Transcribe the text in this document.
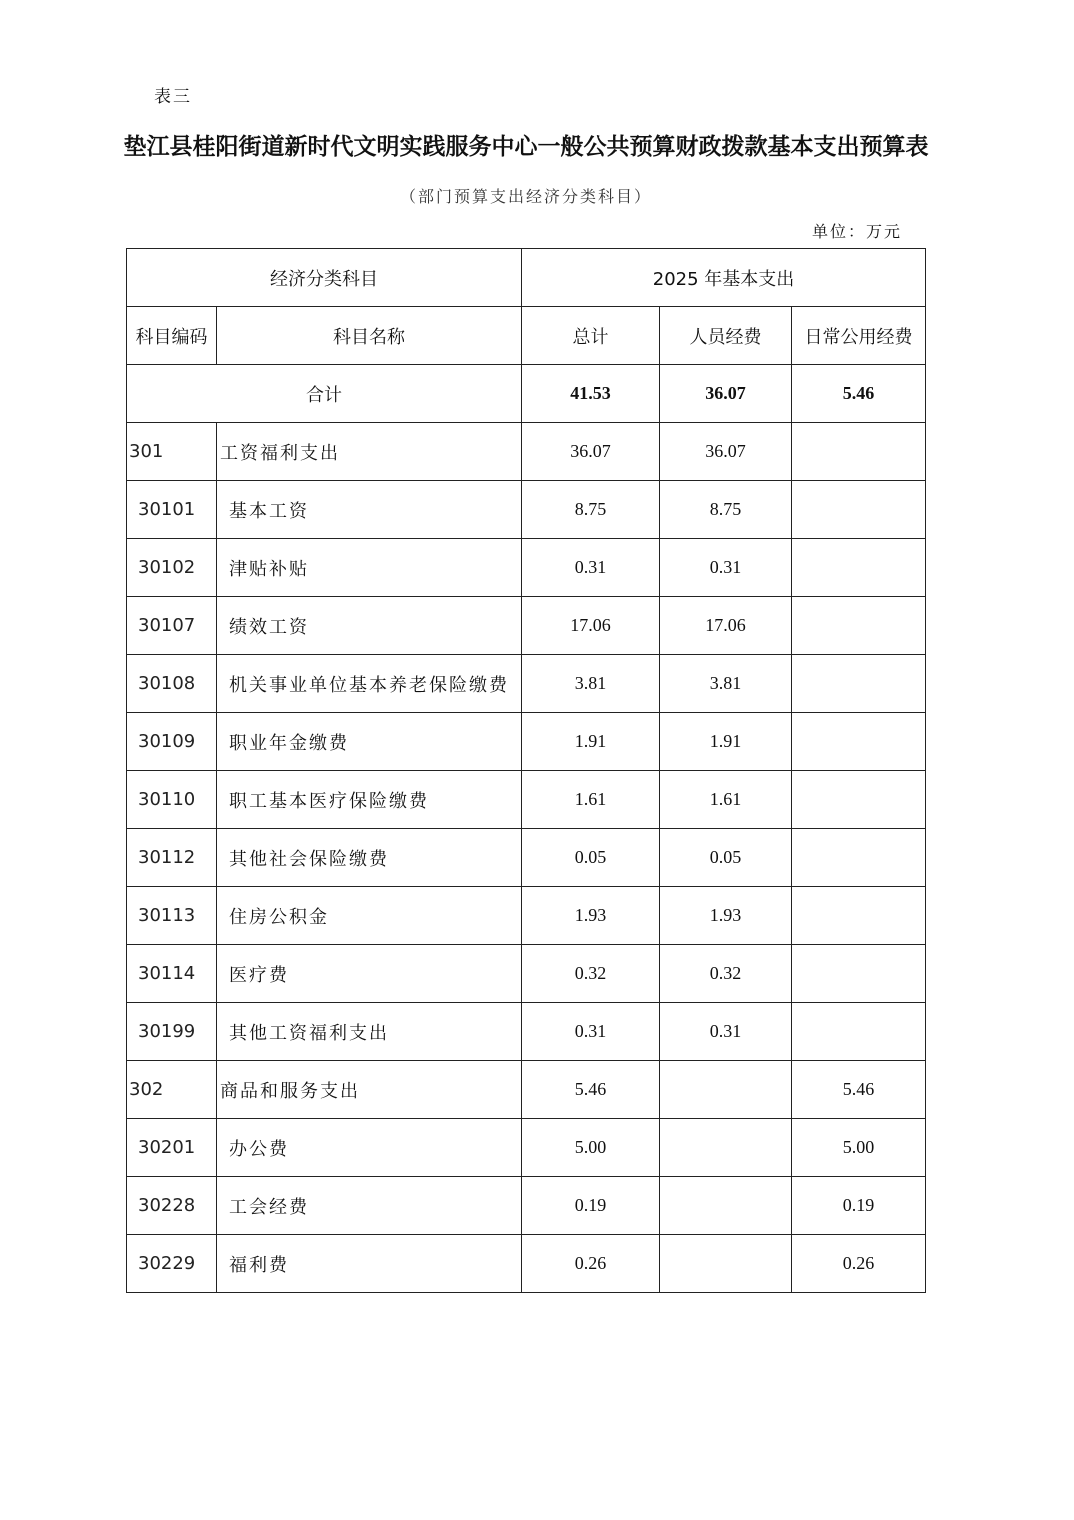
表三
垫江县桂阳街道新时代文明实践服务中心一般公共预算财政拨款基本支出预算表
（部门预算支出经济分类科目）
单位：万元
经济分类科目		2025 年基本支出		
科目编码	科目名称	总计	人员经费	日常公用经费
合计		41.53	36.07	5.46
301	工资福利支出	36.07	36.07	
30101	基本工资	8.75	8.75	
30102	津贴补贴	0.31	0.31	
30107	绩效工资	17.06	17.06	
30108	机关事业单位基本养老保险缴费	3.81	3.81	
30109	职业年金缴费	1.91	1.91	
30110	职工基本医疗保险缴费	1.61	1.61	
30112	其他社会保险缴费	0.05	0.05	
30113	住房公积金	1.93	1.93	
30114	医疗费	0.32	0.32	
30199	其他工资福利支出	0.31	0.31	
302	商品和服务支出	5.46		5.46
30201	办公费	5.00		5.00
30228	工会经费	0.19		0.19
30229	福利费	0.26		0.26
